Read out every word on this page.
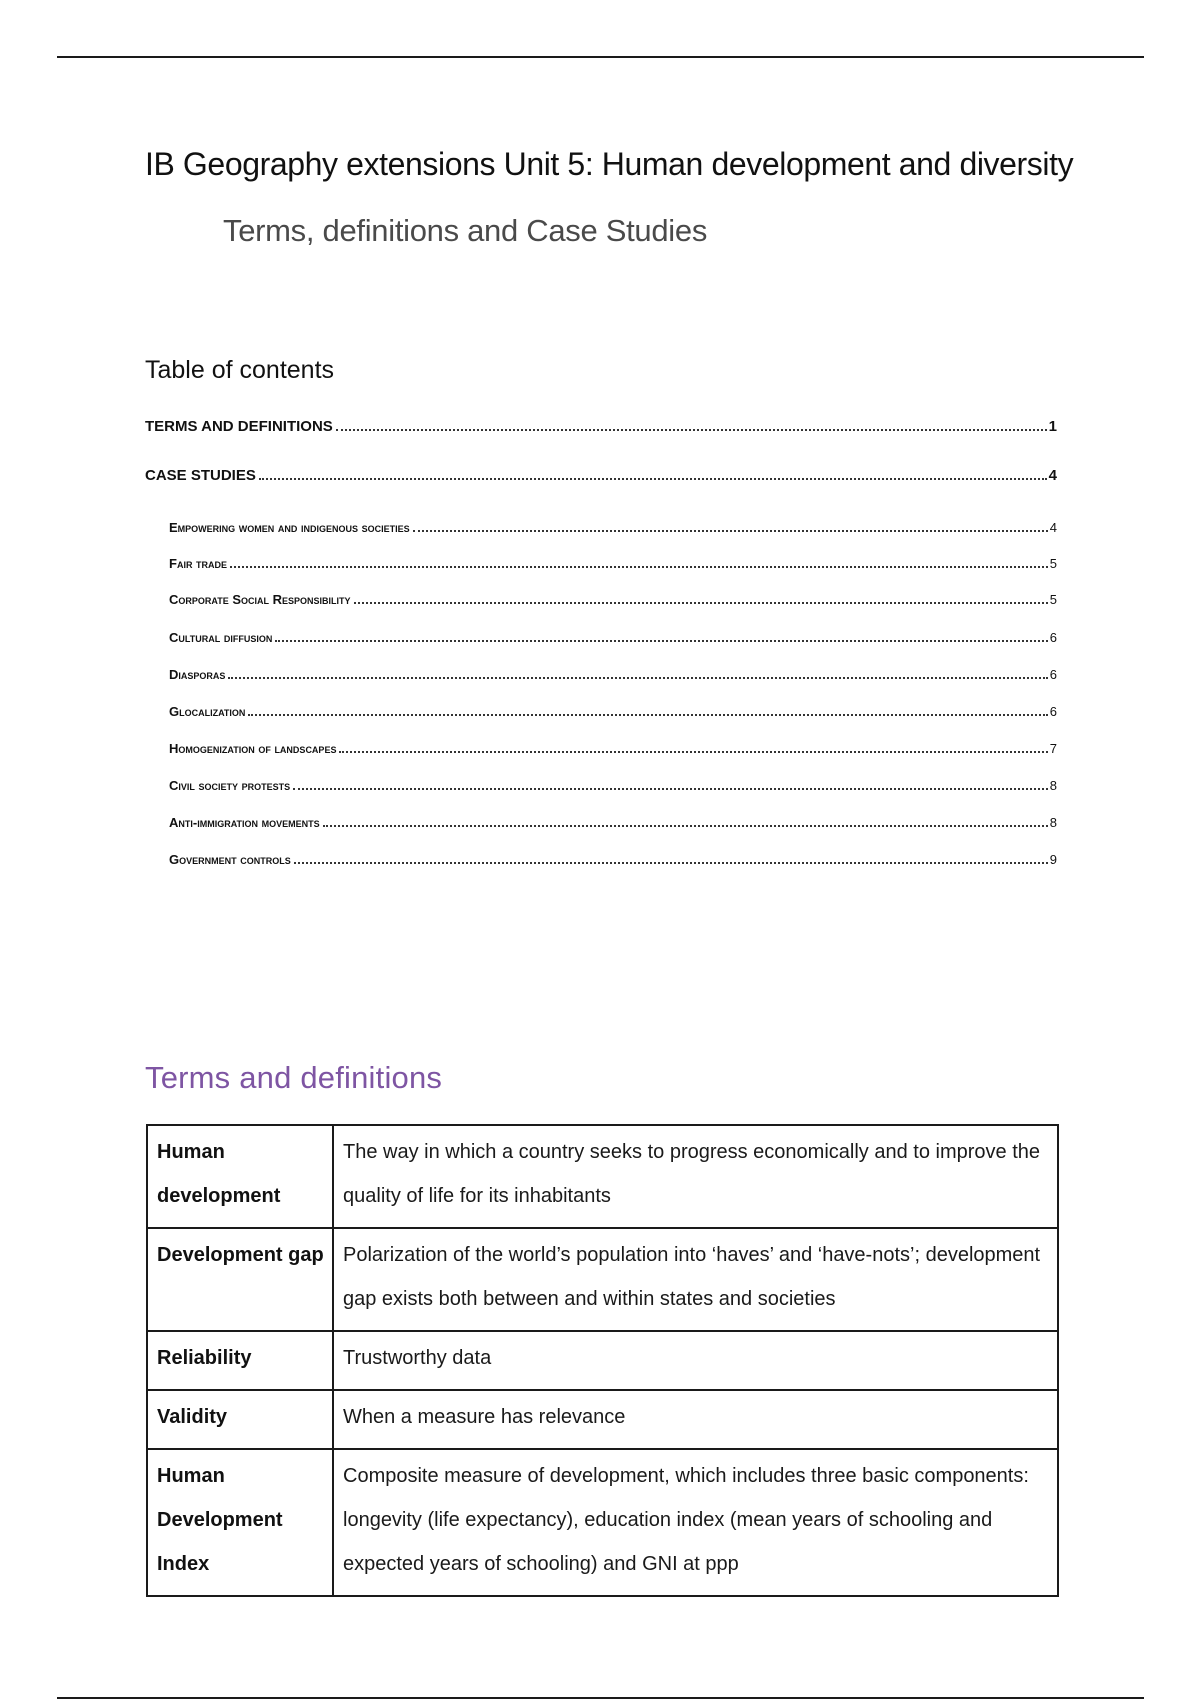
IB Geography extensions Unit 5: Human development and diversity
Terms, definitions and Case Studies
Table of contents
TERMS AND DEFINITIONS	1
CASE STUDIES	4
Empowering women and indigenous societies	4
Fair trade	5
Corporate Social Responsibility	5
Cultural diffusion	6
Diasporas	6
Glocalization	6
Homogenization of landscapes	7
Civil society protests	8
Anti-immigration movements	8
Government controls	9
Terms and definitions
Human development	The way in which a country seeks to progress economically and to improve the quality of life for its inhabitants
Development gap	Polarization of the world’s population into ‘haves’ and ‘have-nots’; development gap exists both between and within states and societies
Reliability	Trustworthy data
Validity	When a measure has relevance
Human Development Index	Composite measure of development, which includes three basic components: longevity (life expectancy), education index (mean years of schooling and expected years of schooling) and GNI at ppp
